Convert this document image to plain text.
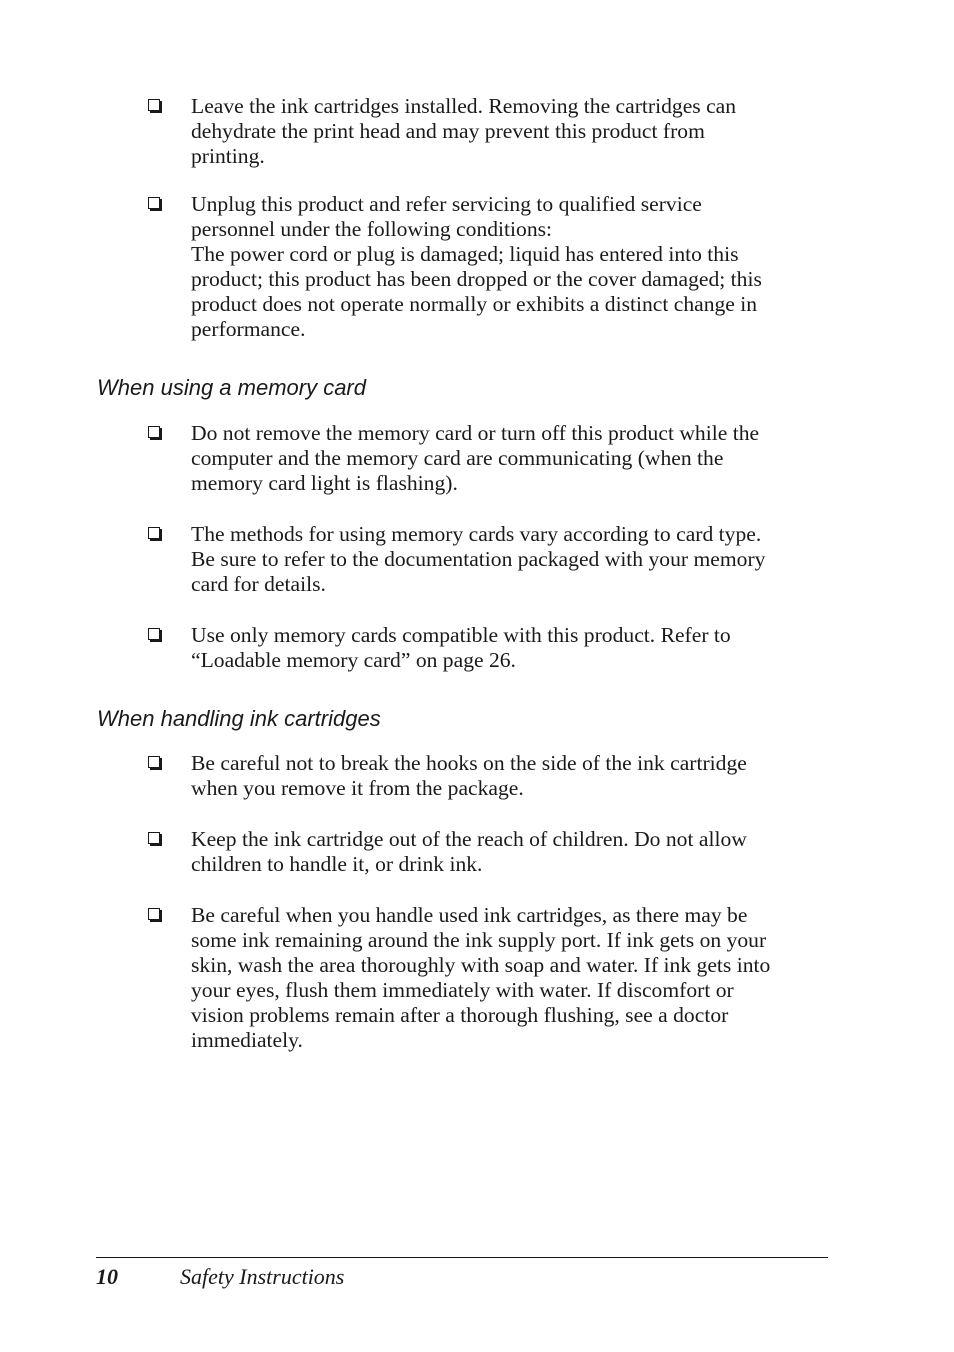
Leave the ink cartridges installed. Removing the cartridges can
dehydrate the print head and may prevent this product from
printing.
Unplug this product and refer servicing to qualified service
personnel under the following conditions:
The power cord or plug is damaged; liquid has entered into this
product; this product has been dropped or the cover damaged; this
product does not operate normally or exhibits a distinct change in
performance.
When using a memory card
Do not remove the memory card or turn off this product while the
computer and the memory card are communicating (when the
memory card light is flashing).
The methods for using memory cards vary according to card type.
Be sure to refer to the documentation packaged with your memory
card for details.
Use only memory cards compatible with this product. Refer to
“Loadable memory card” on page 26.
When handling ink cartridges
Be careful not to break the hooks on the side of the ink cartridge
when you remove it from the package.
Keep the ink cartridge out of the reach of children. Do not allow
children to handle it, or drink ink.
Be careful when you handle used ink cartridges, as there may be
some ink remaining around the ink supply port. If ink gets on your
skin, wash the area thoroughly with soap and water. If ink gets into
your eyes, flush them immediately with water. If discomfort or
vision problems remain after a thorough flushing, see a doctor
immediately.
10	Safety Instructions
